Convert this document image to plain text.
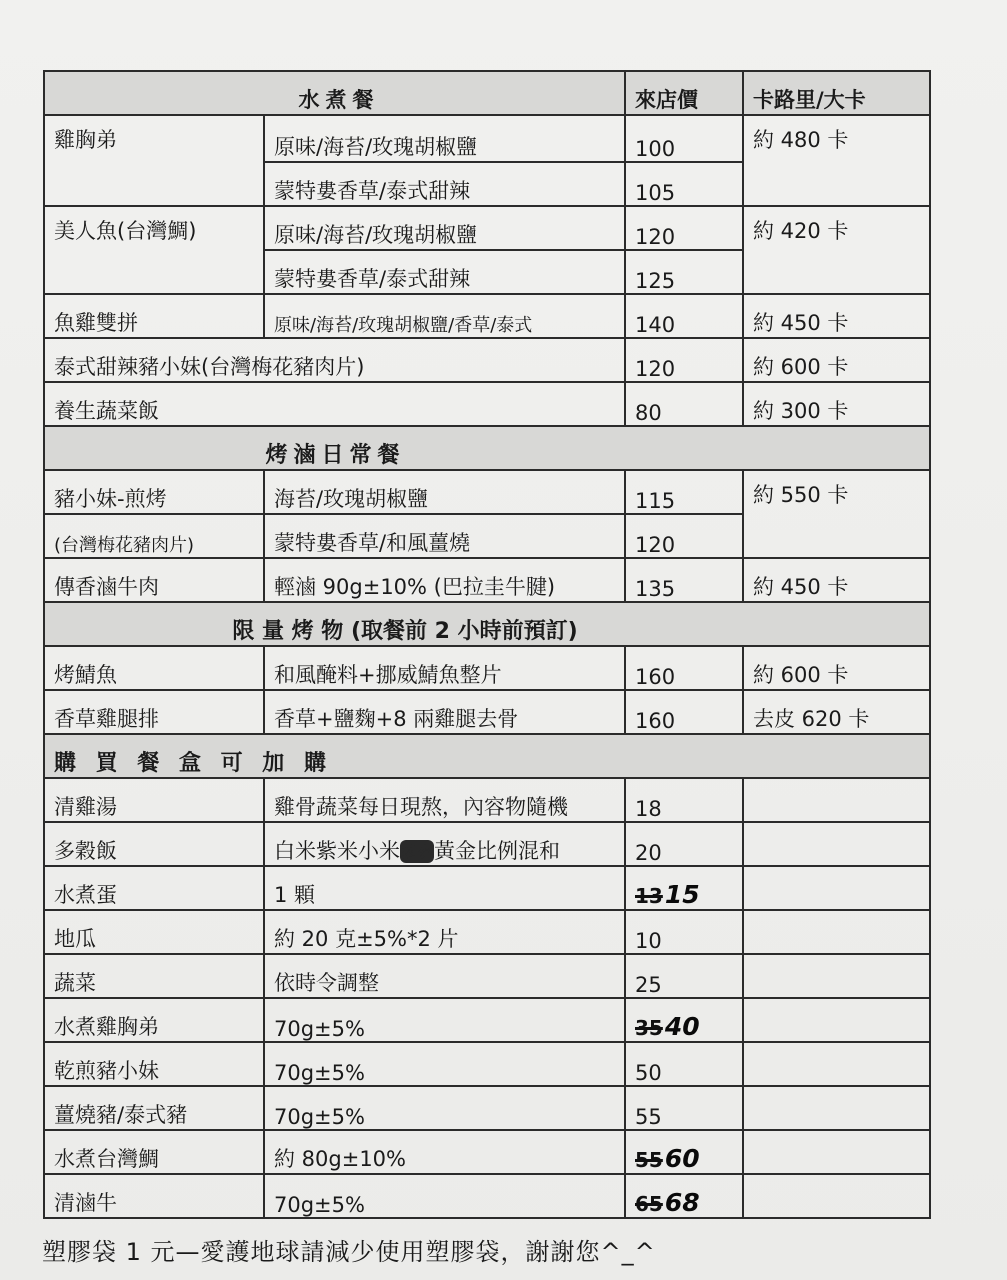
水煮餐		來店價	卡路里/大卡
雞胸弟	原味/海苔/玫瑰胡椒鹽	100	約 480 卡
	蒙特婁香草/泰式甜辣	105	
美人魚(台灣鯛)	原味/海苔/玫瑰胡椒鹽	120	約 420 卡
	蒙特婁香草/泰式甜辣	125	
魚雞雙拼	原味/海苔/玫瑰胡椒鹽/香草/泰式	140	約 450 卡
泰式甜辣豬小妹(台灣梅花豬肉片)		120	約 600 卡
養生蔬菜飯		80	約 300 卡

烤滷日常餐			

豬小妹-煎烤	海苔/玫瑰胡椒鹽	115	約 550 卡
(台灣梅花豬肉片)	蒙特婁香草/和風薑燒	120	
傳香滷牛肉	輕滷 90g±10% (巴拉圭牛腱)	135	約 450 卡

限 量 烤 物 (取餐前 2 小時前預訂)			

烤鯖魚	和風醃料+挪威鯖魚整片	160	約 600 卡
香草雞腿排	香草+鹽麴+8 兩雞腿去骨	160	去皮 620 卡
購 買 餐 盒 可 加 購			
清雞湯	雞骨蔬菜每日現熬，內容物隨機	18	
多穀飯	白米紫米小米藜麥黃金比例混和	20	
水煮蛋	1 顆	1315	
地瓜	約 20 克±5%*2 片	10	
蔬菜	依時令調整	25	
水煮雞胸弟	70g±5%	3540	
乾煎豬小妹	70g±5%	50	
薑燒豬/泰式豬	70g±5%	55	
水煮台灣鯛	約 80g±10%	5560	
清滷牛	70g±5%	6568	
塑膠袋 1 元—愛護地球請減少使用塑膠袋，謝謝您^_^
